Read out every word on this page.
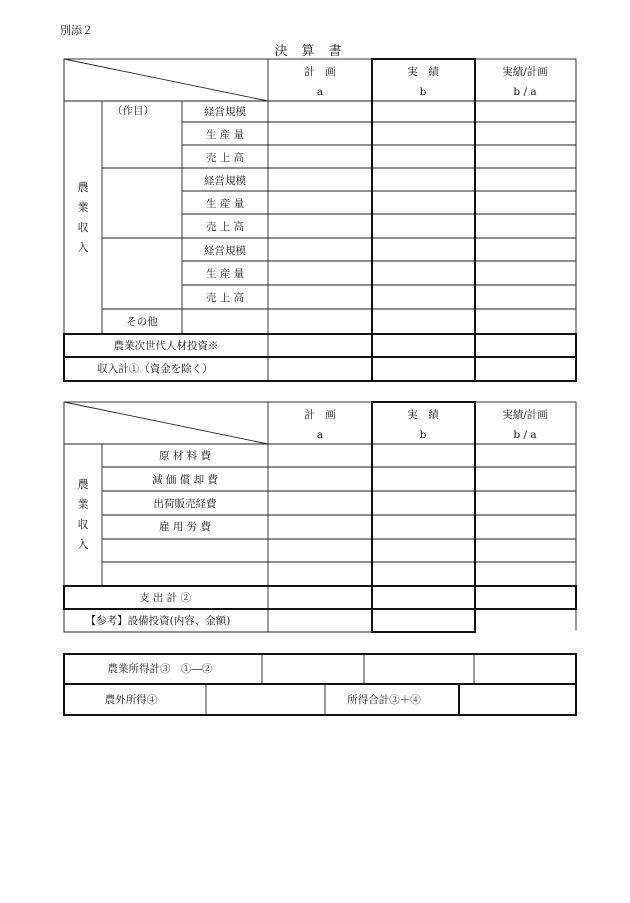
別添２
決算書
計　画
a
実　績
b
実績/計画
b / a
農
業
収
入
（作目）	経営規模
生 産 量
売 上 高
経営規模
生 産 量
売 上 高
経営規模
生 産 量
売 上 高
その他
農業次世代人材投資※
収入計①（資金を除く）
計　画
a
実　績
b
実績/計画
b / a
農
業
収
入
原 材 料 費
減 価 償 却 費
出荷販売経費
雇 用 労 費
支 出 計 ②
【参考】設備投資(内容、金額)
農業所得計③　①―②
農外所得④	所得合計③＋④
